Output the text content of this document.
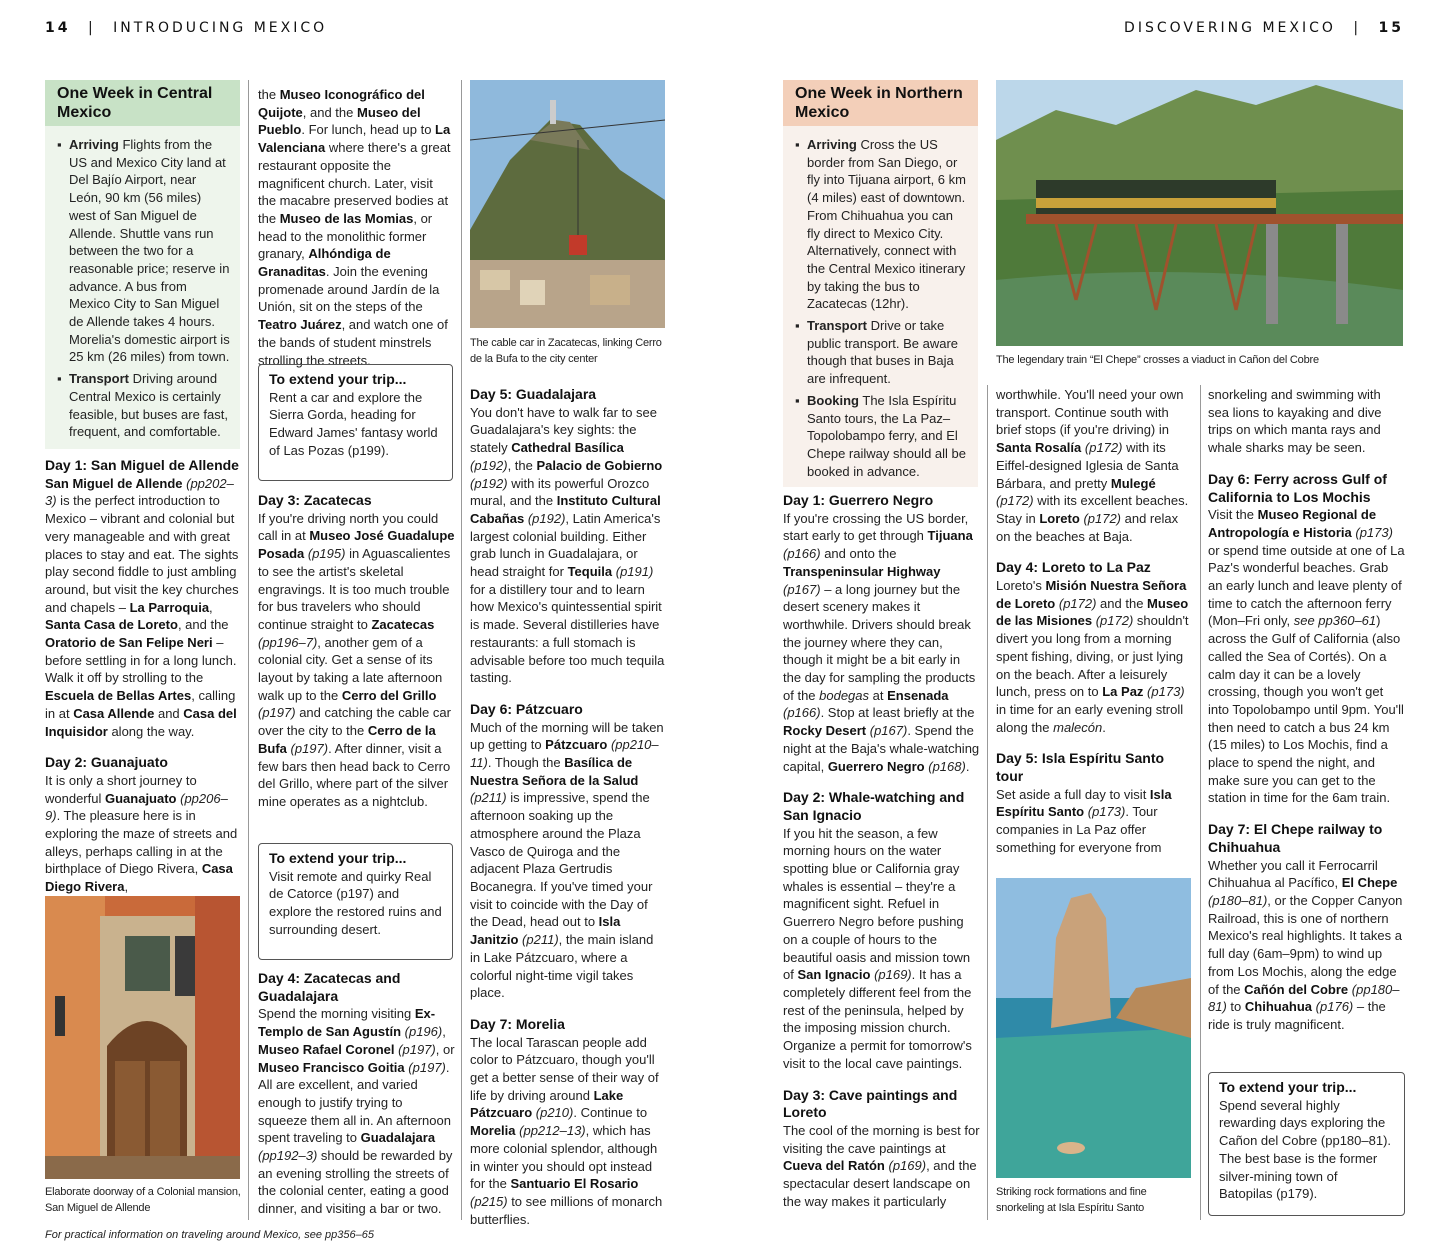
14 | INTRODUCING MEXICO	DISCOVERING MEXICO | 15
One Week in Central Mexico
▪ Arriving Flights from the US and Mexico City land at Del Bajío Airport, near León, 90 km (56 miles) west of San Miguel de Allende. Shuttle vans run between the two for a reasonable price; reserve in advance. A bus from Mexico City to San Miguel de Allende takes 4 hours. Morelia's domestic airport is 25 km (26 miles) from town.
▪ Transport Driving around Central Mexico is certainly feasible, but buses are fast, frequent, and comfortable.

Day 1: San Miguel de Allende

San Miguel de Allende (pp202–3) is the perfect introduction to Mexico – vibrant and colonial but very manageable and with great places to stay and eat. The sights play second fiddle to just ambling around, but visit the key churches and chapels – La Parroquia, Santa Casa de Loreto, and the Oratorio de San Felipe Neri – before settling in for a long lunch. Walk it off by strolling to the Escuela de Bellas Artes, calling in at Casa Allende and Casa del Inquisidor along the way.

Day 2: Guanajuato

It is only a short journey to wonderful Guanajuato (pp206–9). The pleasure here is in exploring the maze of streets and alleys, perhaps calling in at the birthplace of Diego Rivera, Casa Diego Rivera,

Elaborate doorway of a Colonial mansion, San Miguel de Allende

the Museo Iconográfico del Quijote, and the Museo del Pueblo. For lunch, head up to La Valenciana where there's a great restaurant opposite the magnificent church. Later, visit the macabre preserved bodies at the Museo de las Momias, or head to the monolithic former granary, Alhóndiga de Granaditas. Join the evening promenade around Jardín de la Unión, sit on the steps of the Teatro Juárez, and watch one of the bands of student minstrels strolling the streets.

To extend your trip...
Rent a car and explore the Sierra Gorda, heading for Edward James' fantasy world of Las Pozas (p199).

Day 3: Zacatecas

If you're driving north you could call in at Museo José Guadalupe Posada (p195) in Aguascalientes to see the artist's skeletal engravings. It is too much trouble for bus travelers who should continue straight to Zacatecas (pp196–7), another gem of a colonial city. Get a sense of its layout by taking a late afternoon walk up to the Cerro del Grillo (p197) and catching the cable car over the city to the Cerro de la Bufa (p197). After dinner, visit a few bars then head back to Cerro del Grillo, where part of the silver mine operates as a nightclub.

To extend your trip...
Visit remote and quirky Real de Catorce (p197) and explore the restored ruins and surrounding desert.

Day 4: Zacatecas and Guadalajara

Spend the morning visiting Ex-Templo de San Agustín (p196), Museo Rafael Coronel (p197), or Museo Francisco Goitia (p197). All are excellent, and varied enough to justify trying to squeeze them all in. An afternoon spent traveling to Guadalajara (pp192–3) should be rewarded by an evening strolling the streets of the colonial center, eating a good dinner, and visiting a bar or two.

The cable car in Zacatecas, linking Cerro de la Bufa to the city center

Day 5: Guadalajara

You don't have to walk far to see Guadalajara's key sights: the stately Cathedral Basílica (p192), the Palacio de Gobierno (p192) with its powerful Orozco mural, and the Instituto Cultural Cabañas (p192), Latin America's largest colonial building. Either grab lunch in Guadalajara, or head straight for Tequila (p191) for a distillery tour and to learn how Mexico's quintessential spirit is made. Several distilleries have restaurants: a full stomach is advisable before too much tequila tasting.

Day 6: Pátzcuaro

Much of the morning will be taken up getting to Pátzcuaro (pp210–11). Though the Basílica de Nuestra Señora de la Salud (p211) is impressive, spend the afternoon soaking up the atmosphere around the Plaza Vasco de Quiroga and the adjacent Plaza Gertrudis Bocanegra. If you've timed your visit to coincide with the Day of the Dead, head out to Isla Janitzio (p211), the main island in Lake Pátzcuaro, where a colorful night-time vigil takes place.

Day 7: Morelia

The local Tarascan people add color to Pátzcuaro, though you'll get a better sense of their way of life by driving around Lake Pátzcuaro (p210). Continue to Morelia (pp212–13), which has more colonial splendor, although in winter you should opt instead for the Santuario El Rosario (p215) to see millions of monarch butterflies.

One Week in Northern Mexico
▪ Arriving Cross the US border from San Diego, or fly into Tijuana airport, 6 km (4 miles) east of downtown. From Chihuahua you can fly direct to Mexico City. Alternatively, connect with the Central Mexico itinerary by taking the bus to Zacatecas (12hr).
▪ Transport Drive or take public transport. Be aware though that buses in Baja are infrequent.
▪ Booking The Isla Espíritu Santo tours, the La Paz–Topolobampo ferry, and El Chepe railway should all be booked in advance.

Day 1: Guerrero Negro

If you're crossing the US border, start early to get through Tijuana (p166) and onto the Transpeninsular Highway (p167) – a long journey but the desert scenery makes it worthwhile. Drivers should break the journey where they can, though it might be a bit early in the day for sampling the products of the bodegas at Ensenada (p166). Stop at least briefly at the Rocky Desert (p167). Spend the night at the Baja's whale-watching capital, Guerrero Negro (p168).

Day 2: Whale-watching and San Ignacio

If you hit the season, a few morning hours on the water spotting blue or California gray whales is essential – they're a magnificent sight. Refuel in Guerrero Negro before pushing on a couple of hours to the beautiful oasis and mission town of San Ignacio (p169). It has a completely different feel from the rest of the peninsula, helped by the imposing mission church. Organize a permit for tomorrow's visit to the local cave paintings.

Day 3: Cave paintings and Loreto

The cool of the morning is best for visiting the cave paintings at Cueva del Ratón (p169), and the spectacular desert landscape on the way makes it particularly

The legendary train “El Chepe” crosses a viaduct in Cañon del Cobre

worthwhile. You'll need your own transport. Continue south with brief stops (if you're driving) in Santa Rosalía (p172) with its Eiffel-designed Iglesia de Santa Bárbara, and pretty Mulegé (p172) with its excellent beaches. Stay in Loreto (p172) and relax on the beaches at Baja.

Day 4: Loreto to La Paz

Loreto's Misión Nuestra Señora de Loreto (p172) and the Museo de las Misiones (p172) shouldn't divert you long from a morning spent fishing, diving, or just lying on the beach. After a leisurely lunch, press on to La Paz (p173) in time for an early evening stroll along the malecón.

Day 5: Isla Espíritu Santo tour

Set aside a full day to visit Isla Espíritu Santo (p173). Tour companies in La Paz offer something for everyone from

Striking rock formations and fine snorkeling at Isla Espíritu Santo

snorkeling and swimming with sea lions to kayaking and dive trips on which manta rays and whale sharks may be seen.

Day 6: Ferry across Gulf of California to Los Mochis

Visit the Museo Regional de Antropología e Historia (p173) or spend time outside at one of La Paz's wonderful beaches. Grab an early lunch and leave plenty of time to catch the afternoon ferry (Mon–Fri only, see pp360–61) across the Gulf of California (also called the Sea of Cortés). On a calm day it can be a lovely crossing, though you won't get into Topolobampo until 9pm. You'll then need to catch a bus 24 km (15 miles) to Los Mochis, find a place to spend the night, and make sure you can get to the station in time for the 6am train.

Day 7: El Chepe railway to Chihuahua

Whether you call it Ferrocarril Chihuahua al Pacífico, El Chepe (p180–81), or the Copper Canyon Railroad, this is one of northern Mexico's real highlights. It takes a full day (6am–9pm) to wind up from Los Mochis, along the edge of the Cañón del Cobre (pp180–81) to Chihuahua (p176) – the ride is truly magnificent.

To extend your trip...
Spend several highly rewarding days exploring the Cañon del Cobre (pp180–81). The best base is the former silver-mining town of Batopilas (p179).
For practical information on traveling around Mexico, see pp356–65
